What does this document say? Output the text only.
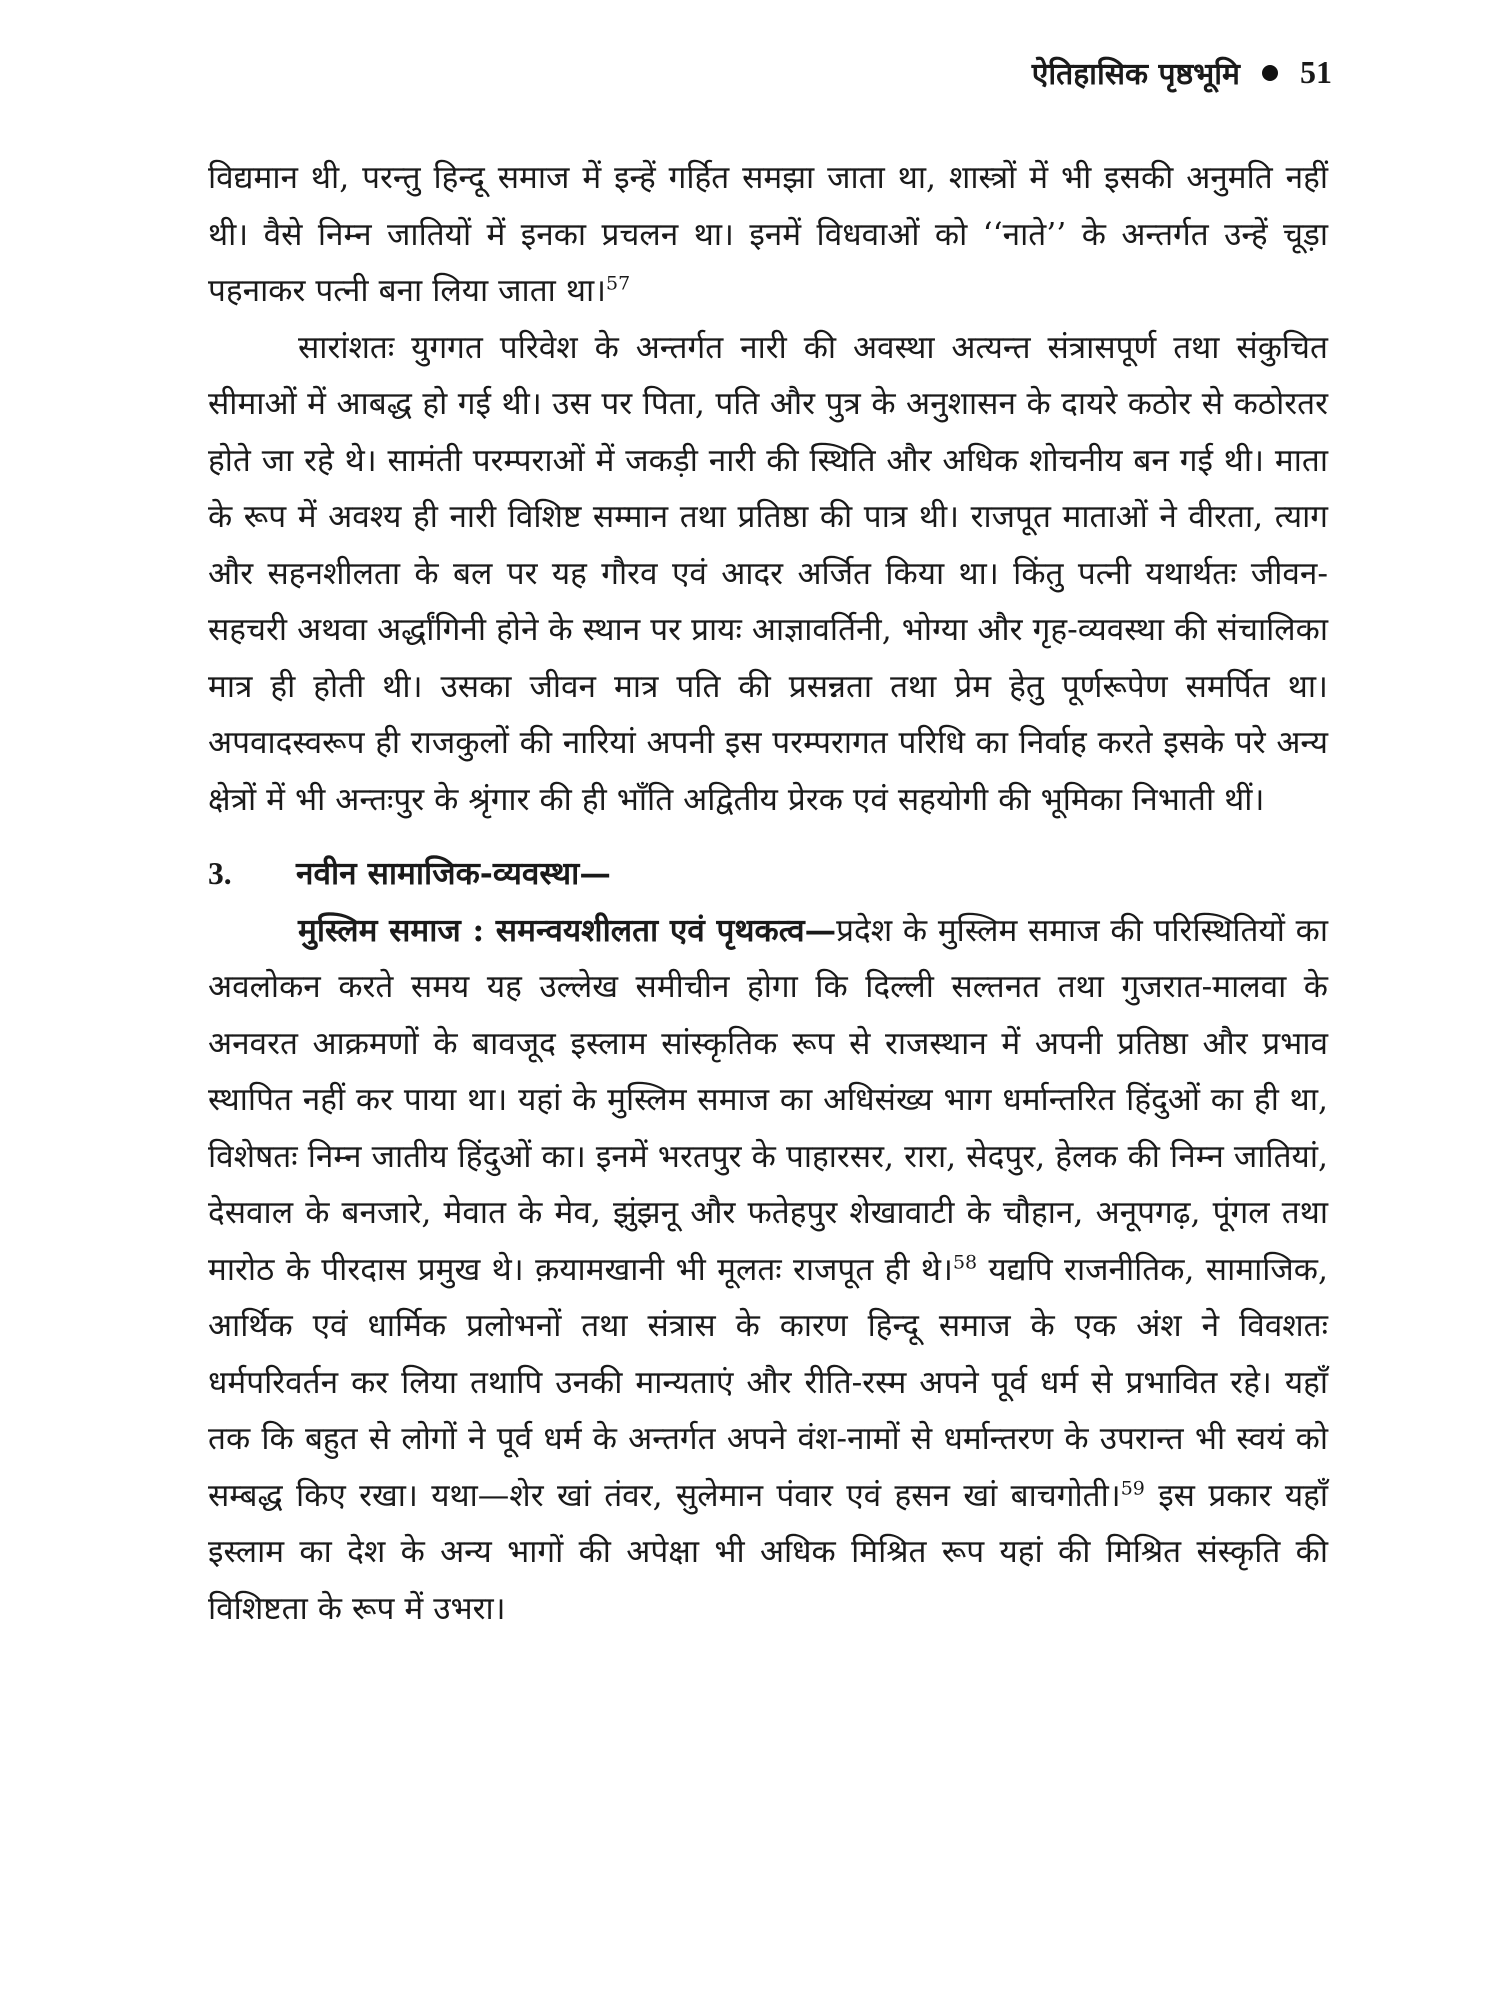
ऐतिहासिक पृष्ठभूमि 51

विद्यमान थी, परन्तु हिन्दू समाज में इन्हें गर्हित समझा जाता था, शास्त्रों में भी इसकी अनुमति नहीं थी। वैसे निम्न जातियों में इनका प्रचलन था। इनमें विधवाओं को ‘‘नाते’’ के अन्तर्गत उन्हें चूड़ा पहनाकर पत्नी बना लिया जाता था।$^{57}$

सारांशतः युगगत परिवेश के अन्तर्गत नारी की अवस्था अत्यन्त संत्रासपूर्ण तथा संकुचित सीमाओं में आबद्ध हो गई थी। उस पर पिता, पति और पुत्र के अनुशासन के दायरे कठोर से कठोरतर होते जा रहे थे। सामंती परम्पराओं में जकड़ी नारी की स्थिति और अधिक शोचनीय बन गई थी। माता के रूप में अवश्य ही नारी विशिष्ट सम्मान तथा प्रतिष्ठा की पात्र थी। राजपूत माताओं ने वीरता, त्याग और सहनशीलता के बल पर यह गौरव एवं आदर अर्जित किया था। किंतु पत्नी यथार्थतः जीवन-सहचरी अथवा अर्द्धांगिनी होने के स्थान पर प्रायः आज्ञावर्तिनी, भोग्या और गृह-व्यवस्था की संचालिका मात्र ही होती थी। उसका जीवन मात्र पति की प्रसन्नता तथा प्रेम हेतु पूर्णरूपेण समर्पित था। अपवादस्वरूप ही राजकुलों की नारियां अपनी इस परम्परागत परिधि का निर्वाह करते इसके परे अन्य क्षेत्रों में भी अन्तःपुर के श्रृंगार की ही भाँति अद्वितीय प्रेरक एवं सहयोगी की भूमिका निभाती थीं।

3.	नवीन सामाजिक-व्यवस्था—

मुस्लिम समाज : समन्वयशीलता एवं पृथकत्व—प्रदेश के मुस्लिम समाज की परिस्थितियों का अवलोकन करते समय यह उल्लेख समीचीन होगा कि दिल्ली सल्तनत तथा गुजरात-मालवा के अनवरत आक्रमणों के बावजूद इस्लाम सांस्कृतिक रूप से राजस्थान में अपनी प्रतिष्ठा और प्रभाव स्थापित नहीं कर पाया था। यहां के मुस्लिम समाज का अधिसंख्य भाग धर्मान्तरित हिंदुओं का ही था, विशेषतः निम्न जातीय हिंदुओं का। इनमें भरतपुर के पाहारसर, रारा, सेदपुर, हेलक की निम्न जातियां, देसवाल के बनजारे, मेवात के मेव, झुंझनू और फतेहपुर शेखावाटी के चौहान, अनूपगढ़, पूंगल तथा मारोठ के पीरदास प्रमुख थे। क़यामखानी भी मूलतः राजपूत ही थे।$^{58}$ यद्यपि राजनीतिक, सामाजिक, आर्थिक एवं धार्मिक प्रलोभनों तथा संत्रास के कारण हिन्दू समाज के एक अंश ने विवशतः धर्मपरिवर्तन कर लिया तथापि उनकी मान्यताएं और रीति-रस्म अपने पूर्व धर्म से प्रभावित रहे। यहाँ तक कि बहुत से लोगों ने पूर्व धर्म के अन्तर्गत अपने वंश-नामों से धर्मान्तरण के उपरान्त भी स्वयं को सम्बद्ध किए रखा। यथा—शेर खां तंवर, सुलेमान पंवार एवं हसन खां बाचगोती।$^{59}$ इस प्रकार यहाँ इस्लाम का देश के अन्य भागों की अपेक्षा भी अधिक मिश्रित रूप यहां की मिश्रित संस्कृति की विशिष्टता के रूप में उभरा।
